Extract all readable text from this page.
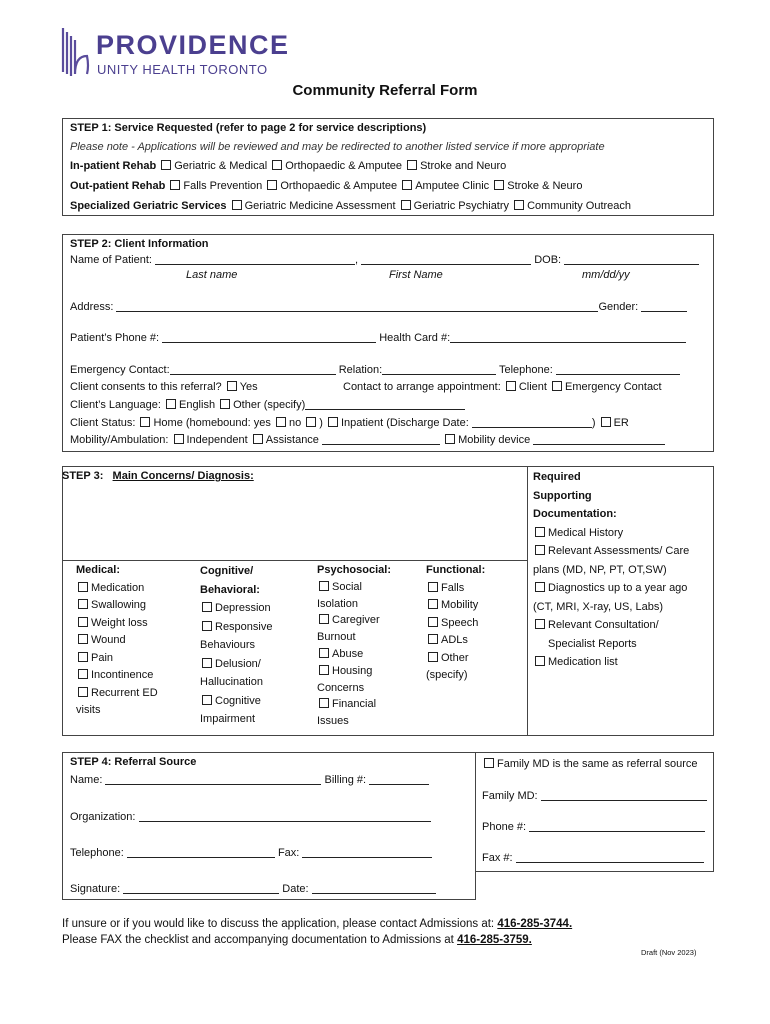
PROVIDENCE
UNITY HEALTH TORONTO
Community Referral Form
STEP 1: Service Requested (refer to page 2 for service descriptions)
Please note - Applications will be reviewed and may be redirected to another listed service if more appropriate
In-patient Rehab Geriatric & Medical Orthopaedic & Amputee Stroke and Neuro
Out-patient Rehab Falls Prevention Orthopaedic & Amputee Amputee Clinic Stroke & Neuro
Specialized Geriatric Services Geriatric Medicine Assessment Geriatric Psychiatry Community Outreach
STEP 2: Client Information
Name of Patient:	,	DOB:
Last name	First Name	mm/dd/yy
Address:	Gender:
Patient’s Phone #:	Health Card #:
Emergency Contact:	Relation:	Telephone:
Client consents to this referral? Yes	Contact to arrange appointment: Client Emergency Contact
Client’s Language: English Other (specify)
Client Status: Home (homebound: yes no ) Inpatient (Discharge Date:	) ER
Mobility/Ambulation: Independent Assistance	Mobility device
STEP 3: Main Concerns/ Diagnosis:
Medical:
Medication
Swallowing
Weight loss
Wound
Pain
Incontinence
Recurrent ED
visits
Cognitive/
Behavioral:
Depression
Responsive
Behaviours
Delusion/
Hallucination
Cognitive
Impairment
Psychosocial:
Social
Isolation
Caregiver
Burnout
Abuse
Housing
Concerns
Financial
Issues
Functional:
Falls
Mobility
Speech
ADLs
Other
(specify)
Required
Supporting
Documentation:
Medical History
Relevant Assessments/ Care
plans (MD, NP, PT, OT,SW)
Diagnostics up to a year ago
(CT, MRI, X-ray, US, Labs)
Relevant Consultation/
Specialist Reports
Medication list
STEP 4: Referral Source
Name:	Billing #:
Organization:
Telephone:	Fax:
Signature:	Date:
Family MD is the same as referral source
Family MD:
Phone #:
Fax #:
If unsure or if you would like to discuss the application, please contact Admissions at: 416-285-3744.
Please FAX the checklist and accompanying documentation to Admissions at 416-285-3759.
Draft (Nov 2023)
